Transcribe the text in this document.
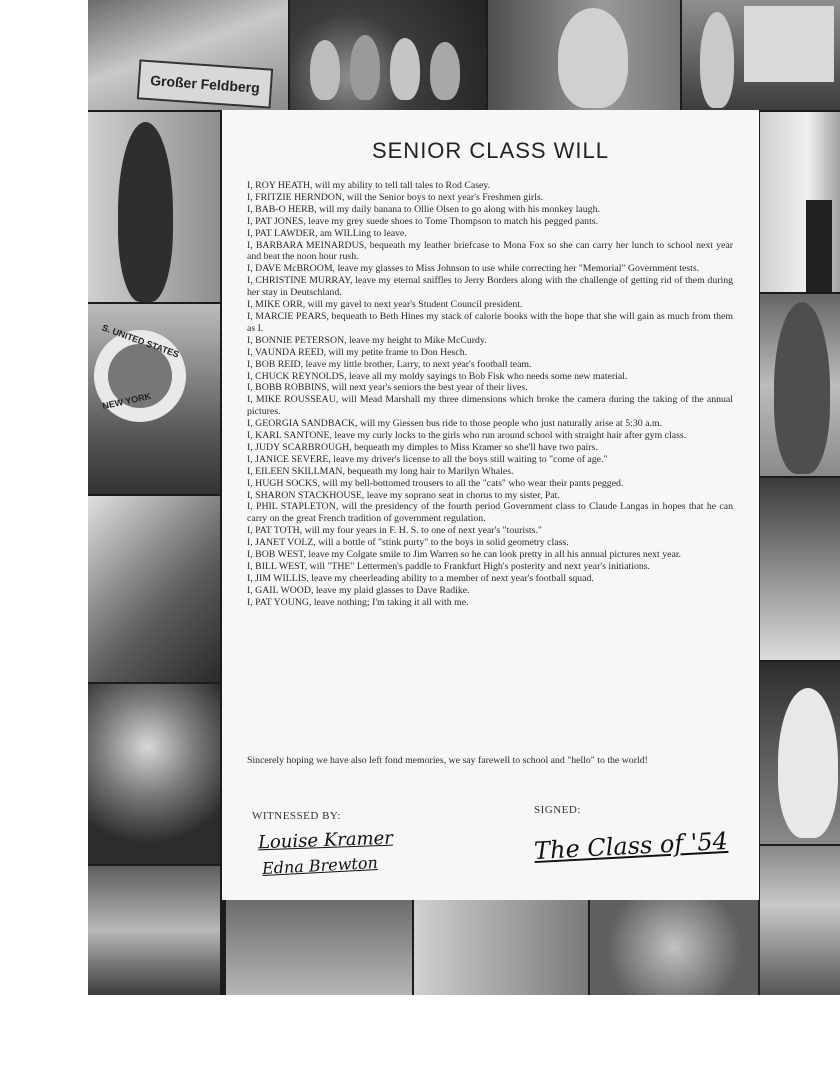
Großer Feldberg
S. UNITED STATES
NEW YORK
SENIOR CLASS WILL
I, ROY HEATH, will my ability to tell tall tales to Rod Casey.
I, FRITZIE HERNDON, will the Senior boys to next year's Freshmen girls.
I, BAB-O HERB, will my daily banana to Ollie Olsen to go along with his monkey laugh.
I, PAT JONES, leave my grey suede shoes to Tome Thompson to match his pegged pants.
I, PAT LAWDER, am WILLing to leave.
I, BARBARA MEINARDUS, bequeath my leather briefcase to Mona Fox so she can carry her lunch to school next year and beat the noon hour rush.
I, DAVE McBROOM, leave my glasses to Miss Johnson to use while correcting her "Memorial" Government tests.
I, CHRISTINE MURRAY, leave my eternal sniffles to Jerry Borders along with the challenge of getting rid of them during her stay in Deutschland.
I, MIKE ORR, will my gavel to next year's Student Council president.
I, MARCIE PEARS, bequeath to Beth Hines my stack of calorie books with the hope that she will gain as much from them as I.
I, BONNIE PETERSON, leave my height to Mike McCurdy.
I, VAUNDA REED, will my petite frame to Don Hesch.
I, BOB REID, leave my little brother, Larry, to next year's football team.
I, CHUCK REYNOLDS, leave all my moldy sayings to Bob Fisk who needs some new material.
I, BOBB ROBBINS, will next year's seniors the best year of their lives.
I, MIKE ROUSSEAU, will Mead Marshall my three dimensions which broke the camera during the taking of the annual pictures.
I, GEORGIA SANDBACK, will my Giessen bus ride to those people who just naturally arise at 5:30 a.m.
I, KARL SANTONE, leave my curly locks to the girls who run around school with straight hair after gym class.
I, JUDY SCARBROUGH, bequeath my dimples to Miss Kramer so she'll have two pairs.
I, JANICE SEVERE, leave my driver's license to all the boys still waiting to "come of age."
I, EILEEN SKILLMAN, bequeath my long hair to Marilyn Whales.
I, HUGH SOCKS, will my bell-bottomed trousers to all the "cats" who wear their pants pegged.
I, SHARON STACKHOUSE, leave my soprano seat in chorus to my sister, Pat.
I, PHIL STAPLETON, will the presidency of the fourth period Government class to Claude Langas in hopes that he can carry on the great French tradition of government regulation.
I, PAT TOTH, will my four years in F. H. S. to one of next year's "tourists."
I, JANET VOLZ, will a bottle of "stink purty" to the boys in solid geometry class.
I, BOB WEST, leave my Colgate smile to Jim Warren so he can look pretty in all his annual pictures next year.
I, BILL WEST, will "THE" Lettermen's paddle to Frankfurt High's posterity and next year's initiations.
I, JIM WILLIS, leave my cheerleading ability to a member of next year's football squad.
I, GAIL WOOD, leave my plaid glasses to Dave Radike.
I, PAT YOUNG, leave nothing; I'm taking it all with me.
Sincerely hoping we have also left fond memories, we say farewell to school and "hello" to the world!
WITNESSED BY:	SIGNED:
Louise Kramer
Edna Brewton
The Class of '54
